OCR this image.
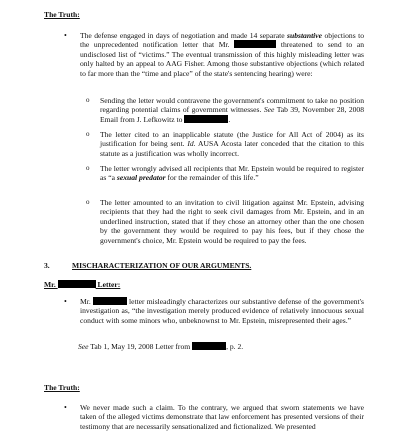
The Truth:
•	The defense engaged in days of negotiation and made 14 separate substantive objections to the unprecedented notification letter that Mr.	threatened to send to an undisclosed list of “victims.” The eventual transmission of this highly misleading letter was only halted by an appeal to AAG Fisher. Among those substantive objections (which related to far more than the “time and place” of the state's sentencing hearing) were:
o	Sending the letter would contravene the government's commitment to take no position regarding potential claims of government witnesses. See Tab 39, November 28, 2008 Email from J. Lefkowitz to	.
o	The letter cited to an inapplicable statute (the Justice for All Act of 2004) as its justification for being sent. Id. AUSA Acosta later conceded that the citation to this statute as a justification was wholly incorrect.
o	The letter wrongly advised all recipients that Mr. Epstein would be required to register as “a sexual predator for the remainder of this life.”
o	The letter amounted to an invitation to civil litigation against Mr. Epstein, advising recipients that they had the right to seek civil damages from Mr. Epstein, and in an underlined instruction, stated that if they chose an attorney other than the one chosen by the government they would be required to pay his fees, but if they chose the government's choice, Mr. Epstein would be required to pay the fees.
3.	MISCHARACTERIZATION OF OUR ARGUMENTS.
Mr.	Letter:
•	Mr.	letter misleadingly characterizes our substantive defense of the government's investigation as, “the investigation merely produced evidence of relatively innocuous sexual conduct with some minors who, unbeknownst to Mr. Epstein, misrepresented their ages.”
See Tab 1, May 19, 2008 Letter from	, p. 2.
The Truth:
•	We never made such a claim. To the contrary, we argued that sworn statements we have taken of the alleged victims demonstrate that law enforcement has presented versions of their testimony that are necessarily sensationalized and fictionalized. We presented
